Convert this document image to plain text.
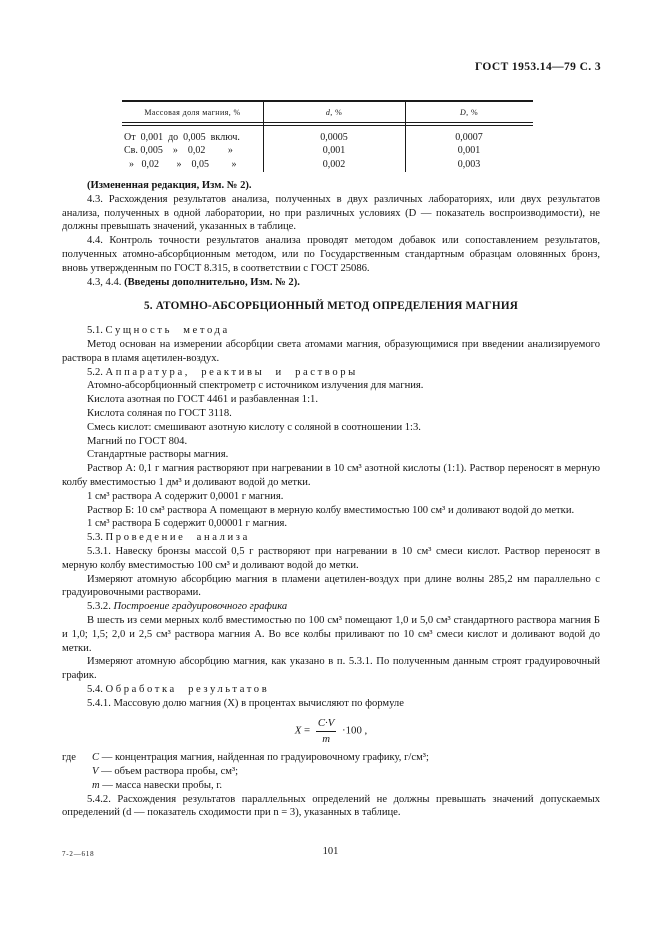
ГОСТ 1953.14—79 С. 3
Массовая доля магния, %	d, %	D, %
От  0,001  до  0,005  включ.	0,0005	0,0007
Св. 0,005    »    0,02         »	0,001	0,001
»   0,02       »    0,05         »	0,002	0,003

(Измененная редакция, Изм. № 2).

4.3. Расхождения результатов анализа, полученных в двух различных лабораториях, или двух результатов анализа, полученных в одной лаборатории, но при различных условиях (D — показатель воспроизводимости), не должны превышать значений, указанных в таблице.

4.4. Контроль точности результатов анализа проводят методом добавок или сопоставлением результатов, полученных атомно-абсорбционным методом, или по Государственным стандартным образцам оловянных бронз, вновь утвержденным по ГОСТ 8.315, в соответствии с ГОСТ 25086.

4.3, 4.4. (Введены дополнительно, Изм. № 2).

5. АТОМНО-АБСОРБЦИОННЫЙ МЕТОД ОПРЕДЕЛЕНИЯ МАГНИЯ

5.1. Сущность метода

Метод основан на измерении абсорбции света атомами магния, образующимися при введении анализируемого раствора в пламя ацетилен-воздух.

5.2. Аппаратура, реактивы и растворы

Атомно-абсорбционный спектрометр с источником излучения для магния.

Кислота азотная по ГОСТ 4461 и разбавленная 1:1.

Кислота соляная по ГОСТ 3118.

Смесь кислот: смешивают азотную кислоту с соляной в соотношении 1:3.

Магний по ГОСТ 804.

Стандартные растворы магния.

Раствор А: 0,1 г магния растворяют при нагревании в 10 см³ азотной кислоты (1:1). Раствор переносят в мерную колбу вместимостью 1 дм³ и доливают водой до метки.

1 см³ раствора А содержит 0,0001 г магния.

Раствор Б: 10 см³ раствора А помещают в мерную колбу вместимостью 100 см³ и доливают водой до метки.

1 см³ раствора Б содержит 0,00001 г магния.

5.3. Проведение анализа

5.3.1. Навеску бронзы массой 0,5 г растворяют при нагревании в 10 см³ смеси кислот. Раствор переносят в мерную колбу вместимостью 100 см³ и доливают водой до метки.

Измеряют атомную абсорбцию магния в пламени ацетилен-воздух при длине волны 285,2 нм параллельно с градуировочными растворами.

5.3.2. Построение градуировочного графика

В шесть из семи мерных колб вместимостью по 100 см³ помещают 1,0 и 5,0 см³ стандартного раствора магния Б и 1,0; 1,5; 2,0 и 2,5 см³ раствора магния А. Во все колбы приливают по 10 см³ смеси кислот и доливают водой до метки.

Измеряют атомную абсорбцию магния, как указано в п. 5.3.1. По полученным данным строят градуировочный график.

5.4. Обработка результатов

5.4.1. Массовую долю магния (X) в процентах вычисляют по формуле

$X = \frac{C\cdot V}{m} \cdot 100$ ,

где C — концентрация магния, найденная по градуировочному графику, г/см³;

V — объем раствора пробы, см³;

m — масса навески пробы, г.

5.4.2. Расхождения результатов параллельных определений не должны превышать значений допускаемых определений (d — показатель сходимости при n = 3), указанных в таблице.

7-2—618	101
